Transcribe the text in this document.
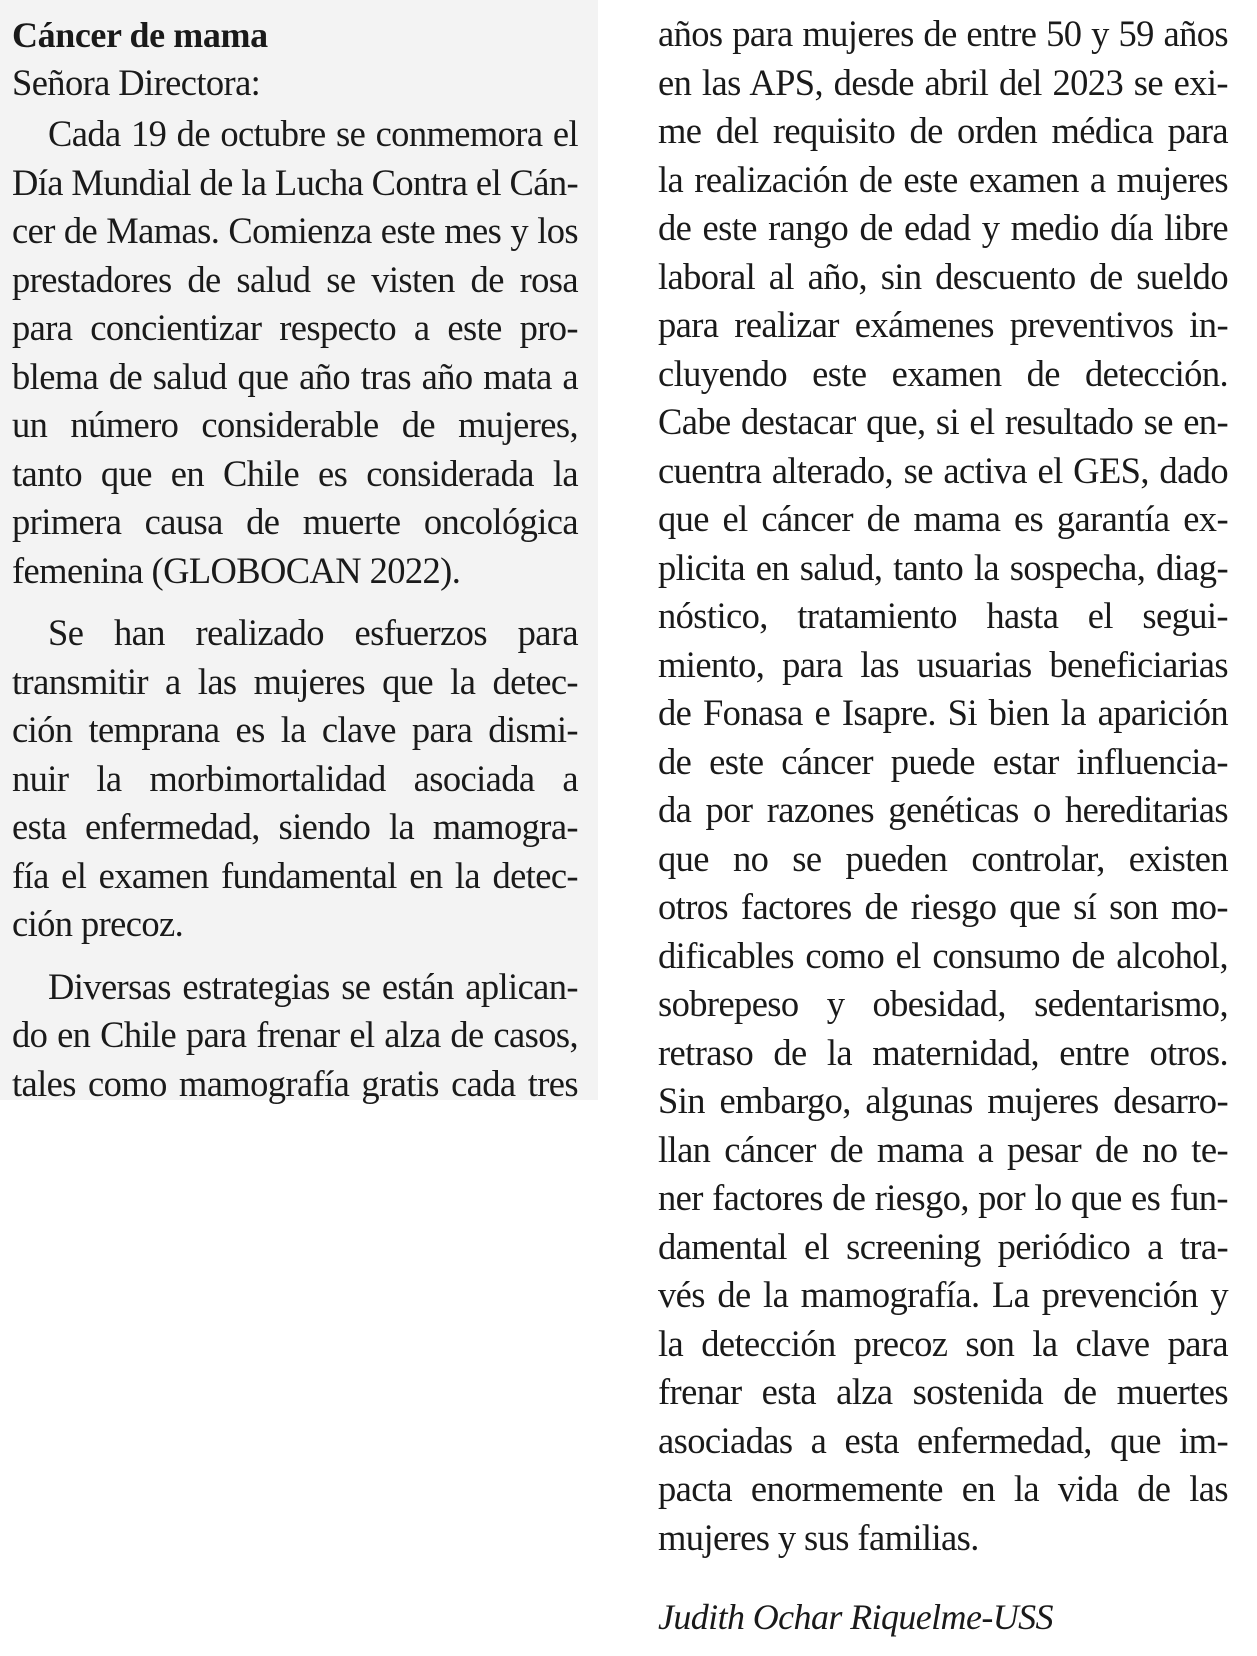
Cáncer de mama
Señora Directora:
Cada 19 de octubre se conmemora el
Día Mundial de la Lucha Contra el Cán-
cer de Mamas. Comienza este mes y los
prestadores de salud se visten de rosa
para concientizar respecto a este pro-
blema de salud que año tras año mata a
un número considerable de mujeres,
tanto que en Chile es considerada la
primera causa de muerte oncológica
femenina (GLOBOCAN 2022).
Se han realizado esfuerzos para
transmitir a las mujeres que la detec-
ción temprana es la clave para dismi-
nuir la morbimortalidad asociada a
esta enfermedad, siendo la mamogra-
fía el examen fundamental en la detec-
ción precoz.
Diversas estrategias se están aplican-
do en Chile para frenar el alza de casos,
tales como mamografía gratis cada tres
años para mujeres de entre 50 y 59 años
en las APS, desde abril del 2023 se exi-
me del requisito de orden médica para
la realización de este examen a mujeres
de este rango de edad y medio día libre
laboral al año, sin descuento de sueldo
para realizar exámenes preventivos in-
cluyendo este examen de detección.
Cabe destacar que, si el resultado se en-
cuentra alterado, se activa el GES, dado
que el cáncer de mama es garantía ex-
plicita en salud, tanto la sospecha, diag-
nóstico, tratamiento hasta el segui-
miento, para las usuarias beneficiarias
de Fonasa e Isapre. Si bien la aparición
de este cáncer puede estar influencia-
da por razones genéticas o hereditarias
que no se pueden controlar, existen
otros factores de riesgo que sí son mo-
dificables como el consumo de alcohol,
sobrepeso y obesidad, sedentarismo,
retraso de la maternidad, entre otros.
Sin embargo, algunas mujeres desarro-
llan cáncer de mama a pesar de no te-
ner factores de riesgo, por lo que es fun-
damental el screening periódico a tra-
vés de la mamografía. La prevención y
la detección precoz son la clave para
frenar esta alza sostenida de muertes
asociadas a esta enfermedad, que im-
pacta enormemente en la vida de las
mujeres y sus familias.
Judith Ochar Riquelme-USS
